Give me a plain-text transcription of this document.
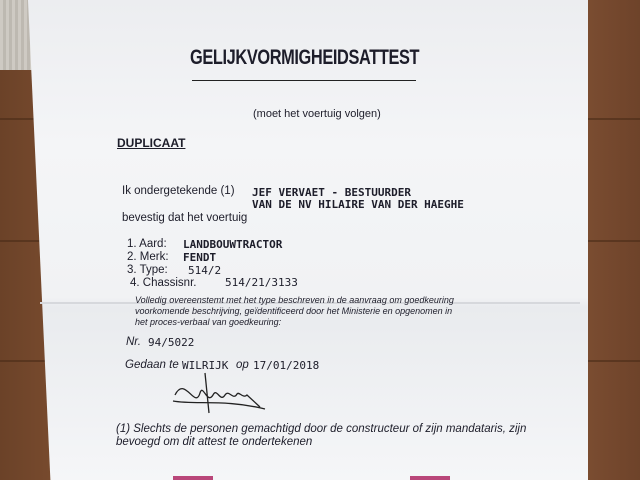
GELIJKVORMIGHEIDSATTEST
(moet het voertuig volgen)
DUPLICAAT
Ik ondergetekende (1) JEF VERVAET - BESTUURDER
VAN DE NV HILAIRE VAN DER HAEGHE
bevestig dat het voertuig
1. Aard: LANDBOUWTRACTOR
2. Merk: FENDT
3. Type: 514/2
4. Chassisnr.	514/21/3133
Volledig overeenstemt met het type beschreven in de aanvraag om goedkeuring
voorkomende beschrijving, geïdentificeerd door het Ministerie en opgenomen in
het proces-verbaal van goedkeuring:
Nr. 94/5022
Gedaan te WILRIJK op 17/01/2018
(1) Slechts de personen gemachtigd door de constructeur of zijn mandataris, zijn
bevoegd om dit attest te ondertekenen
